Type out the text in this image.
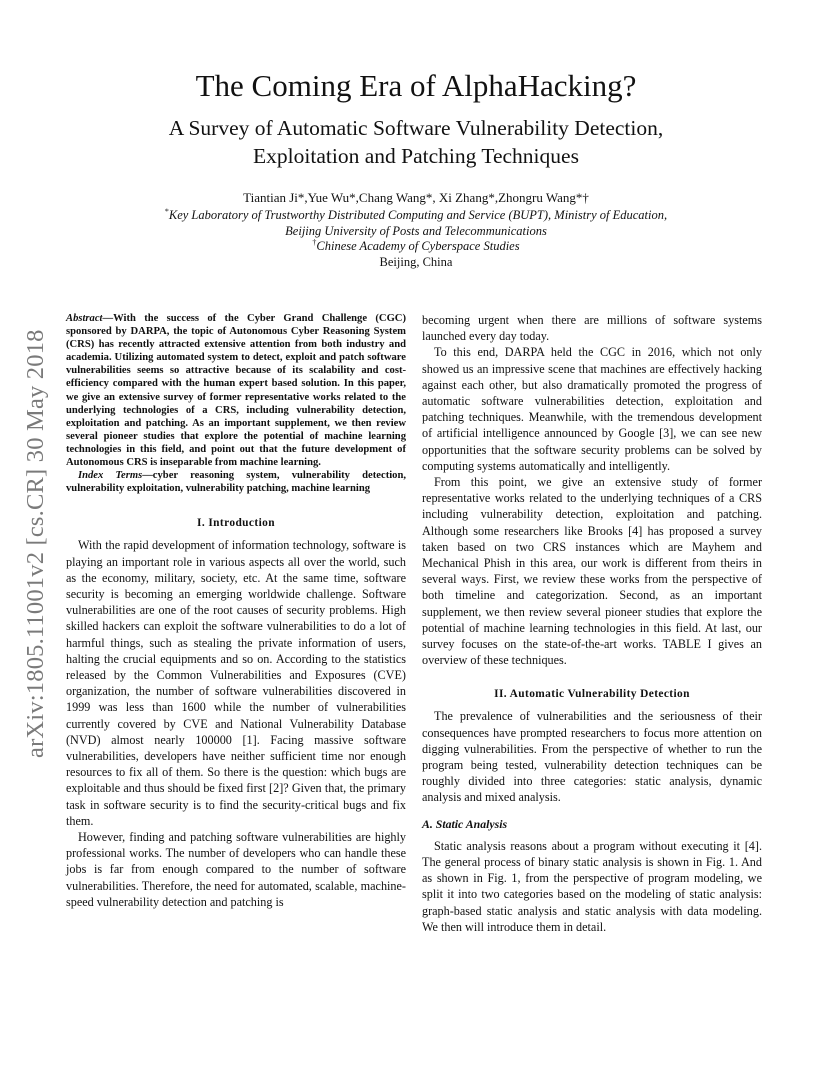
arXiv:1805.11001v2 [cs.CR] 30 May 2018
The Coming Era of AlphaHacking?
A Survey of Automatic Software Vulnerability Detection,
Exploitation and Patching Techniques
Tiantian Ji*,Yue Wu*,Chang Wang*, Xi Zhang*,Zhongru Wang*†
*Key Laboratory of Trustworthy Distributed Computing and Service (BUPT), Ministry of Education,
Beijing University of Posts and Telecommunications
†Chinese Academy of Cyberspace Studies
Beijing, China

Abstract—With the success of the Cyber Grand Challenge (CGC) sponsored by DARPA, the topic of Autonomous Cyber Reasoning System (CRS) has recently attracted extensive attention from both industry and academia. Utilizing automated system to detect, exploit and patch software vulnerabilities seems so attractive because of its scalability and cost-efficiency compared with the human expert based solution. In this paper, we give an extensive survey of former representative works related to the underlying technologies of a CRS, including vulnerability detection, exploitation and patching. As an important supplement, we then review several pioneer studies that explore the potential of machine learning technologies in this field, and point out that the future development of Autonomous CRS is inseparable from machine learning.

Index Terms—cyber reasoning system, vulnerability detection, vulnerability exploitation, vulnerability patching, machine learning

I. Introduction

With the rapid development of information technology, software is playing an important role in various aspects all over the world, such as the economy, military, society, etc. At the same time, software security is becoming an emerging worldwide challenge. Software vulnerabilities are one of the root causes of security problems. High skilled hackers can exploit the software vulnerabilities to do a lot of harmful things, such as stealing the private information of users, halting the crucial equipments and so on. According to the statistics released by the Common Vulnerabilities and Exposures (CVE) organization, the number of software vulnerabilities discovered in 1999 was less than 1600 while the number of vulnerabilities currently covered by CVE and National Vulnerability Database (NVD) almost nearly 100000 [1]. Facing massive software vulnerabilities, developers have neither sufficient time nor enough resources to fix all of them. So there is the question: which bugs are exploitable and thus should be fixed first [2]? Given that, the primary task in software security is to find the security-critical bugs and fix them.

However, finding and patching software vulnerabilities are highly professional works. The number of developers who can handle these jobs is far from enough compared to the number of software vulnerabilities. Therefore, the need for automated, scalable, machine-speed vulnerability detection and patching is

becoming urgent when there are millions of software systems launched every day today.

To this end, DARPA held the CGC in 2016, which not only showed us an impressive scene that machines are effectively hacking against each other, but also dramatically promoted the progress of automatic software vulnerabilities detection, exploitation and patching techniques. Meanwhile, with the tremendous development of artificial intelligence announced by Google [3], we can see new opportunities that the software security problems can be solved by computing systems automatically and intelligently.

From this point, we give an extensive study of former representative works related to the underlying techniques of a CRS including vulnerability detection, exploitation and patching. Although some researchers like Brooks [4] has proposed a survey taken based on two CRS instances which are Mayhem and Mechanical Phish in this area, our work is different from theirs in several ways. First, we review these works from the perspective of both timeline and categorization. Second, as an important supplement, we then review several pioneer studies that explore the potential of machine learning technologies in this field. At last, our survey focuses on the state-of-the-art works. TABLE I gives an overview of these techniques.

II. Automatic Vulnerability Detection

The prevalence of vulnerabilities and the seriousness of their consequences have prompted researchers to focus more attention on digging vulnerabilities. From the perspective of whether to run the program being tested, vulnerability detection techniques can be roughly divided into three categories: static analysis, dynamic analysis and mixed analysis.

A. Static Analysis

Static analysis reasons about a program without executing it [4]. The general process of binary static analysis is shown in Fig. 1. And as shown in Fig. 1, from the perspective of program modeling, we split it into two categories based on the modeling of static analysis: graph-based static analysis and static analysis with data modeling. We then will introduce them in detail.
